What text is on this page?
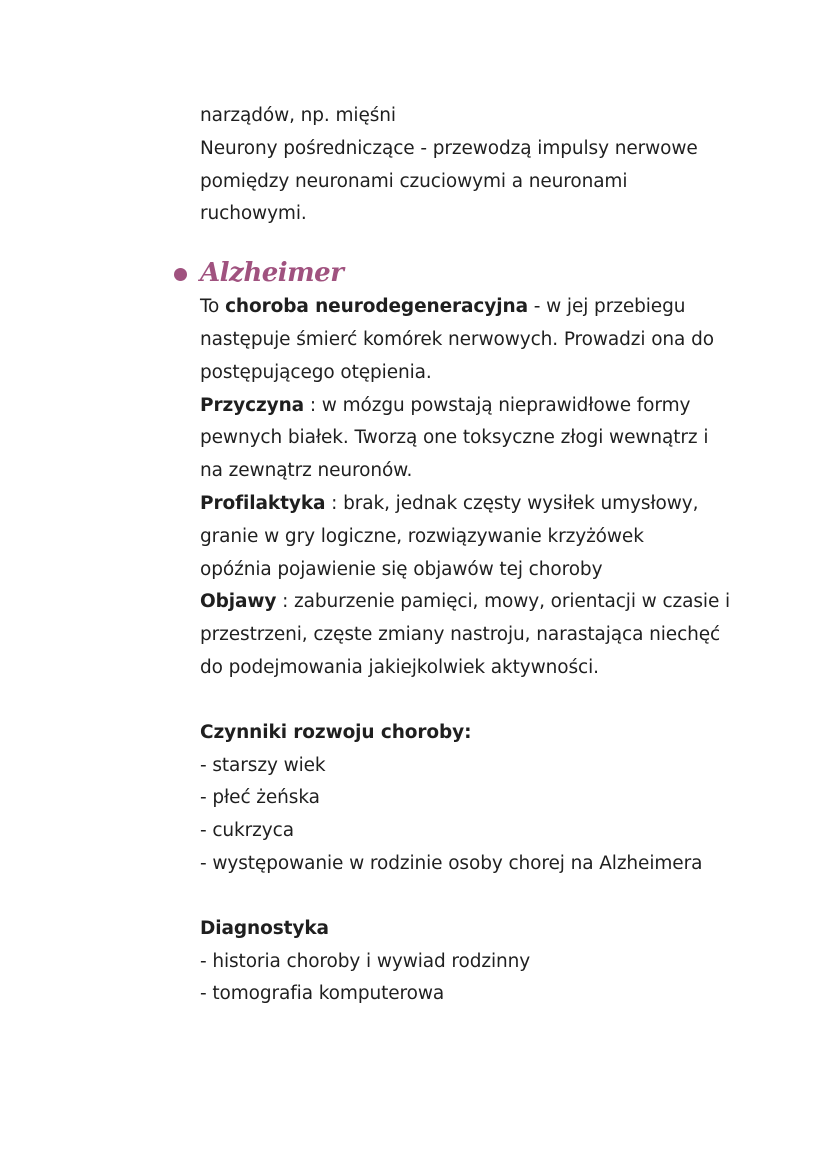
narządów, np. mięśni
Neurony pośredniczące - przewodzą impulsy nerwowe
pomiędzy neuronami czuciowymi a neuronami
ruchowymi.
Alzheimer
To choroba neurodegeneracyjna - w jej przebiegu
następuje śmierć komórek nerwowych. Prowadzi ona do
postępującego otępienia.
Przyczyna : w mózgu powstają nieprawidłowe formy
pewnych białek. Tworzą one toksyczne złogi wewnątrz i
na zewnątrz neuronów.
Profilaktyka : brak, jednak częsty wysiłek umysłowy,
granie w gry logiczne, rozwiązywanie krzyżówek
opóźnia pojawienie się objawów tej choroby
Objawy : zaburzenie pamięci, mowy, orientacji w czasie i
przestrzeni, częste zmiany nastroju, narastająca niechęć
do podejmowania jakiejkolwiek aktywności.
Czynniki rozwoju choroby:
- starszy wiek
- płeć żeńska
- cukrzyca
- występowanie w rodzinie osoby chorej na Alzheimera
Diagnostyka
- historia choroby i wywiad rodzinny
- tomografia komputerowa
